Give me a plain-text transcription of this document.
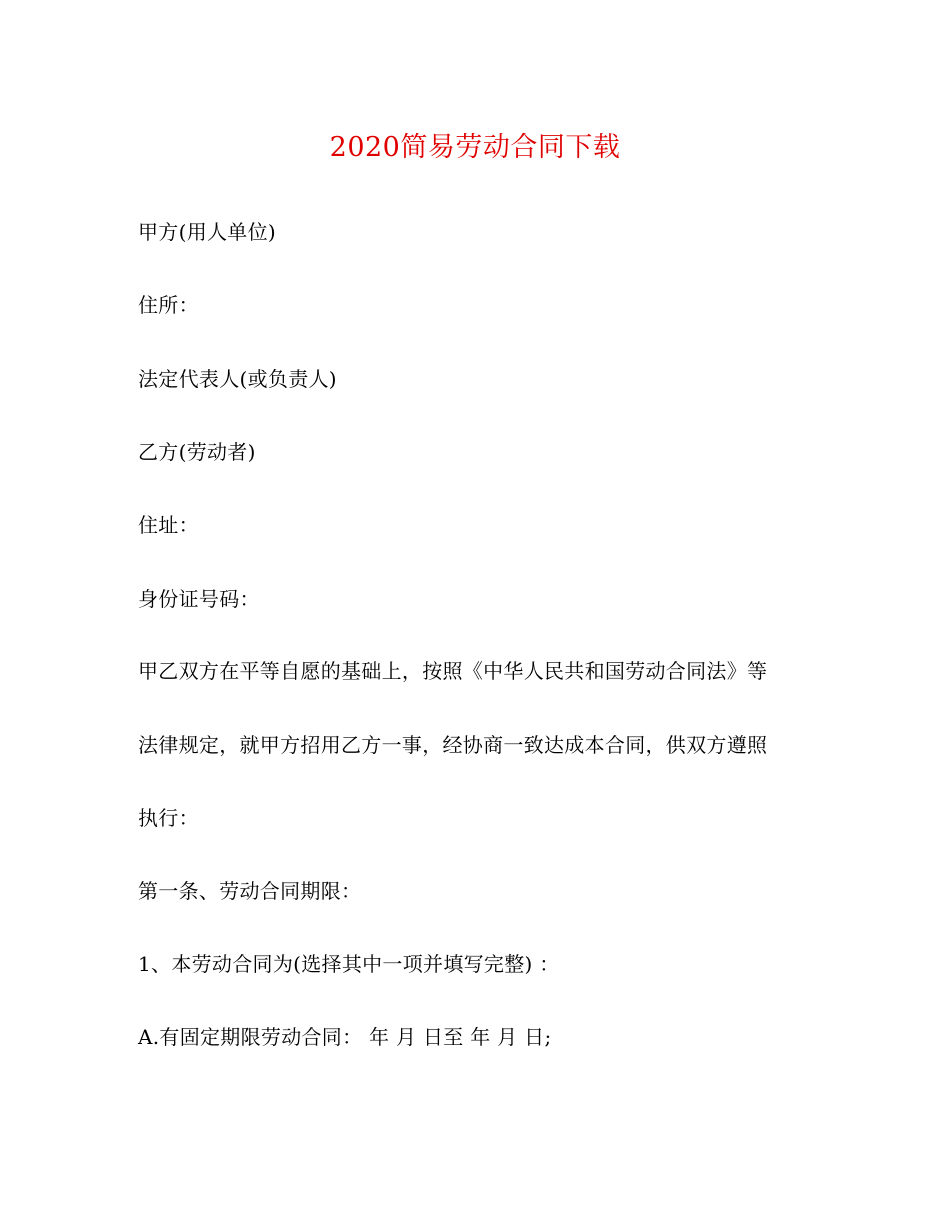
2020简易劳动合同下载
甲方(用人单位)
住所：
法定代表人(或负责人)
乙方(劳动者)
住址：
身份证号码：
甲乙双方在平等自愿的基础上，按照《中华人民共和国劳动合同法》等
法律规定，就甲方招用乙方一事，经协商一致达成本合同，供双方遵照
执行：
第一条、劳动合同期限：
1、本劳动合同为(选择其中一项并填写完整) ：
A.有固定期限劳动合同： 年 月 日至 年 月 日;
